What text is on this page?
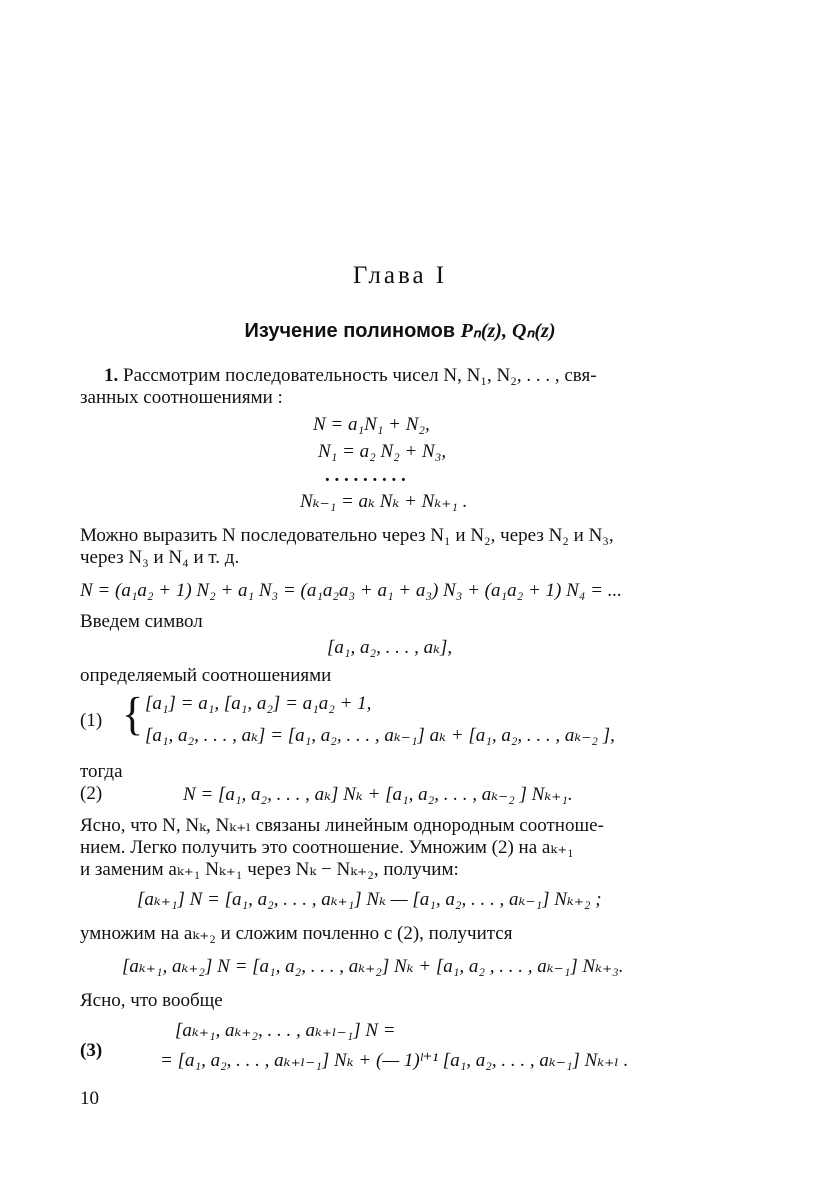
Глава I
Изучение полиномов Pₙ(z), Qₙ(z)
1. Рассмотрим последовательность чисел N, N₁, N₂, . . . , свя-
занных соотношениями :
N = a₁N₁ + N₂,
N₁ = a₂ N₂ + N₃,
. . . . . . . . .
Nₖ₋₁ = aₖ Nₖ + Nₖ₊₁ .
Можно выразить N последовательно через N₁ и N₂, через N₂ и N₃,
через N₃ и N₄ и т. д.
N = (a₁a₂ + 1) N₂ + a₁ N₃ = (a₁a₂a₃ + a₁ + a₃) N₃ + (a₁a₂ + 1) N₄ = ...
Введем символ
[a₁, a₂, . . . , aₖ],
определяемый соотношениями
(1) { [a₁] = a₁, [a₁, a₂] = a₁a₂ + 1,
[a₁, a₂, . . . , aₖ] = [a₁, a₂, . . . , aₖ₋₁] aₖ + [a₁, a₂, . . . , aₖ₋₂ ],
тогда
(2)	N = [a₁, a₂, . . . , aₖ] Nₖ + [a₁, a₂, . . . , aₖ₋₂ ] Nₖ₊₁.
Ясно, что N, Nₖ, Nₖ₊ₗ связаны линейным однородным соотноше-
нием. Легко получить это соотношение. Умножим (2) на aₖ₊₁
и заменим aₖ₊₁ Nₖ₊₁ через Nₖ − Nₖ₊₂, получим:
[aₖ₊₁] N = [a₁, a₂, . . . , aₖ₊₁] Nₖ — [a₁, a₂, . . . , aₖ₋₁] Nₖ₊₂ ;
умножим на aₖ₊₂ и сложим почленно с (2), получится
[aₖ₊₁, aₖ₊₂] N = [a₁, a₂, . . . , aₖ₊₂] Nₖ + [a₁, a₂ , . . . , aₖ₋₁] Nₖ₊₃.
Ясно, что вообще
(3)
[aₖ₊₁, aₖ₊₂, . . . , aₖ₊ₗ₋₁] N =
= [a₁, a₂, . . . , aₖ₊ₗ₋₁] Nₖ + (— 1)ˡ⁺¹ [a₁, a₂, . . . , aₖ₋₁] Nₖ₊ₗ .
10
